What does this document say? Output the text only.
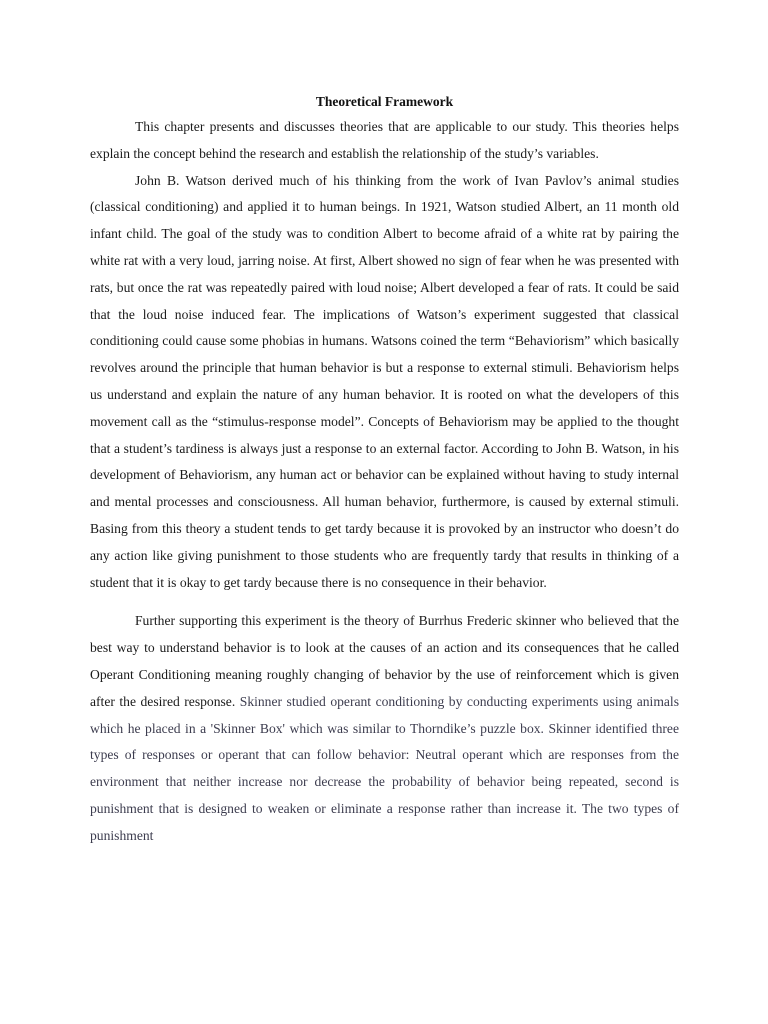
Theoretical Framework

This chapter presents and discusses theories that are applicable to our study. This theories helps explain the concept behind the research and establish the relationship of the study’s variables.

John B. Watson derived much of his thinking from the work of Ivan Pavlov’s animal studies (classical conditioning) and applied it to human beings. In 1921, Watson studied Albert, an 11 month old infant child. The goal of the study was to condition Albert to become afraid of a white rat by pairing the white rat with a very loud, jarring noise. At first, Albert showed no sign of fear when he was presented with rats, but once the rat was repeatedly paired with loud noise; Albert developed a fear of rats. It could be said that the loud noise induced fear. The implications of Watson’s experiment suggested that classical conditioning could cause some phobias in humans. Watsons coined the term “Behaviorism” which basically revolves around the principle that human behavior is but a response to external stimuli. Behaviorism helps us understand and explain the nature of any human behavior. It is rooted on what the developers of this movement call as the “stimulus-response model”. Concepts of Behaviorism may be applied to the thought that a student’s tardiness is always just a response to an external factor. According to John B. Watson, in his development of Behaviorism, any human act or behavior can be explained without having to study internal and mental processes and consciousness. All human behavior, furthermore, is caused by external stimuli. Basing from this theory a student tends to get tardy because it is provoked by an instructor who doesn’t do any action like giving punishment to those students who are frequently tardy that results in thinking of a student that it is okay to get tardy because there is no consequence in their behavior.

Further supporting this experiment is the theory of Burrhus Frederic skinner who believed that the best way to understand behavior is to look at the causes of an action and its consequences that he called Operant Conditioning meaning roughly changing of behavior by the use of reinforcement which is given after the desired response. Skinner studied operant conditioning by conducting experiments using animals which he placed in a 'Skinner Box' which was similar to Thorndike’s puzzle box. Skinner identified three types of responses or operant that can follow behavior: Neutral operant which are responses from the environment that neither increase nor decrease the probability of behavior being repeated, second is punishment that is designed to weaken or eliminate a response rather than increase it. The two types of punishment
